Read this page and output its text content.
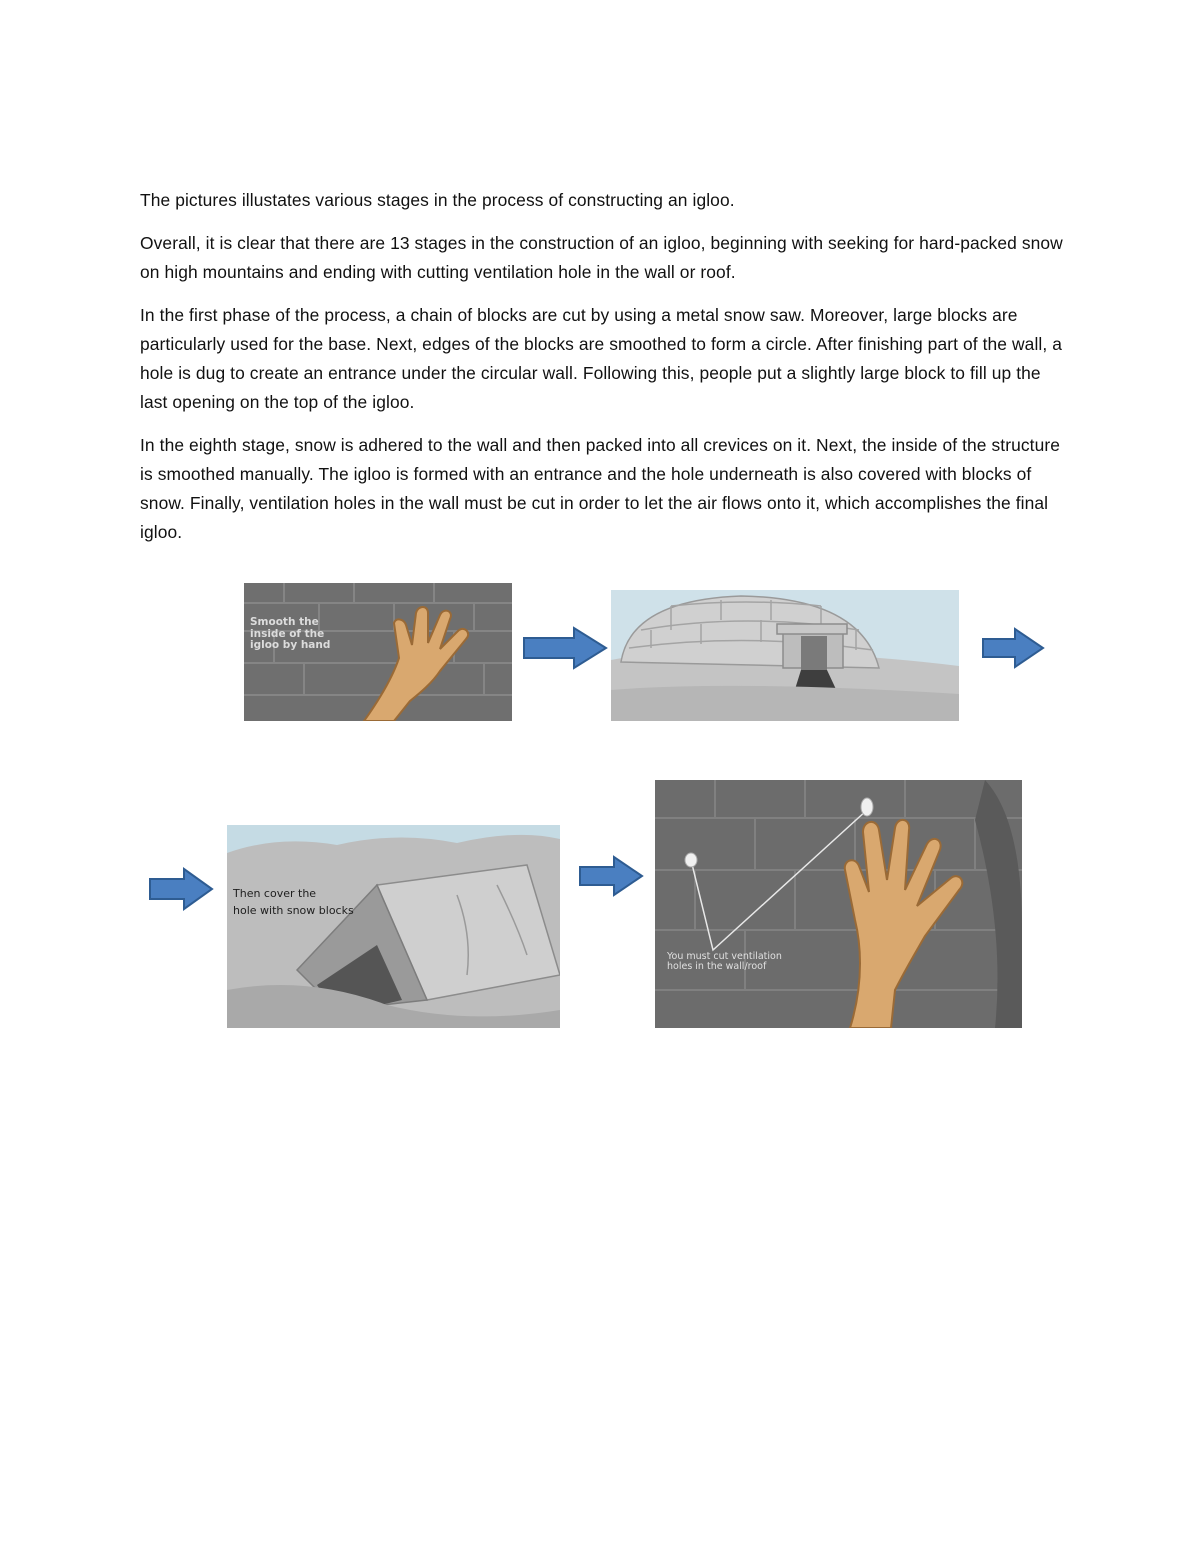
The pictures illustates various stages in the process of constructing an igloo.

Overall, it is clear that there are 13 stages in the construction of an igloo, beginning with seeking for hard-packed snow on high mountains and ending with cutting ventilation hole in the wall or roof.

In the first phase of the process, a chain of blocks are cut by using a metal snow saw. Moreover, large blocks are particularly used for the base. Next, edges of the blocks are smoothed to form a circle. After finishing part of the wall, a hole is dug to create an entrance under the circular wall. Following this, people put a slightly large block to fill up the last opening on the top of the igloo.

In the eighth stage, snow is adhered to the wall and then packed into all crevices on it. Next, the inside of the structure is smoothed manually. The igloo is formed with an entrance and the hole underneath is also covered with blocks of snow. Finally, ventilation holes in the wall must be cut in order to let the air flows onto it, which accomplishes the final igloo.

Smooth the
inside of the
igloo by hand
Then cover the
hole with snow blocks
You must cut ventilation
holes in the wall/roof
